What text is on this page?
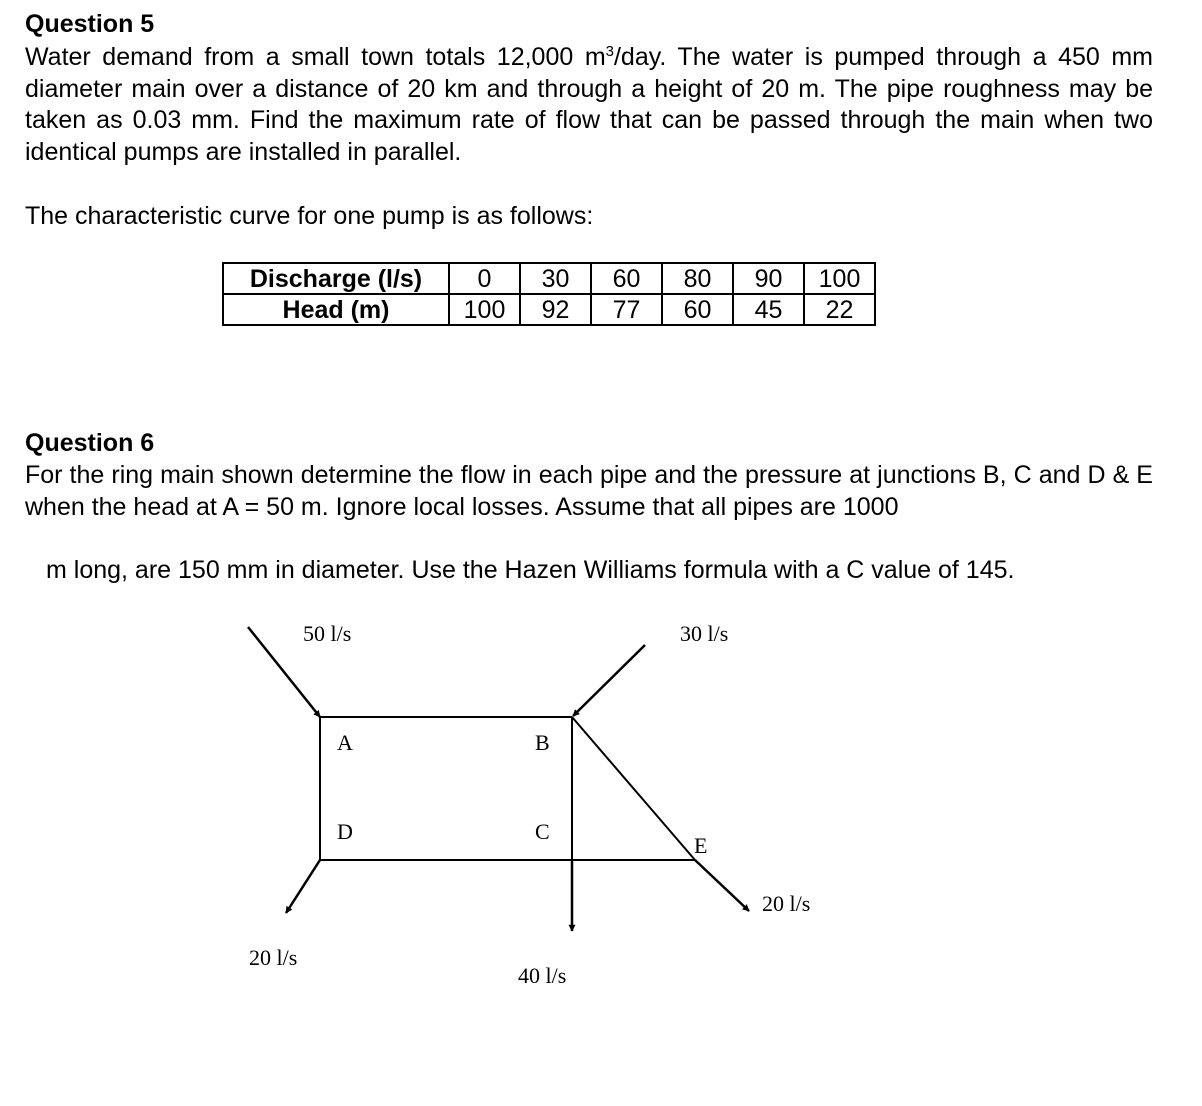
Question 5
Water demand from a small town totals 12,000 $m^3$/day. The water is pumped through a 450 mm diameter main over a distance of 20 km and through a height of 20 m. The pipe roughness may be taken as 0.03 mm. Find the maximum rate of flow that can be passed through the main when two identical pumps are installed in parallel.
The characteristic curve for one pump is as follows:
Discharge (l/s)	0	30	60	80	90	100
Head (m)	100	92	77	60	45	22
Question 6
For the ring main shown determine the flow in each pipe and the pressure at junctions B, C and D & E when the head at A = 50 m. Ignore local losses. Assume that all pipes are 1000
m long, are 150 mm in diameter. Use the Hazen Williams formula with a C value of 145.
A	B
D	C
E
50 l/s	30 l/s
20 l/s
40 l/s
20 l/s
